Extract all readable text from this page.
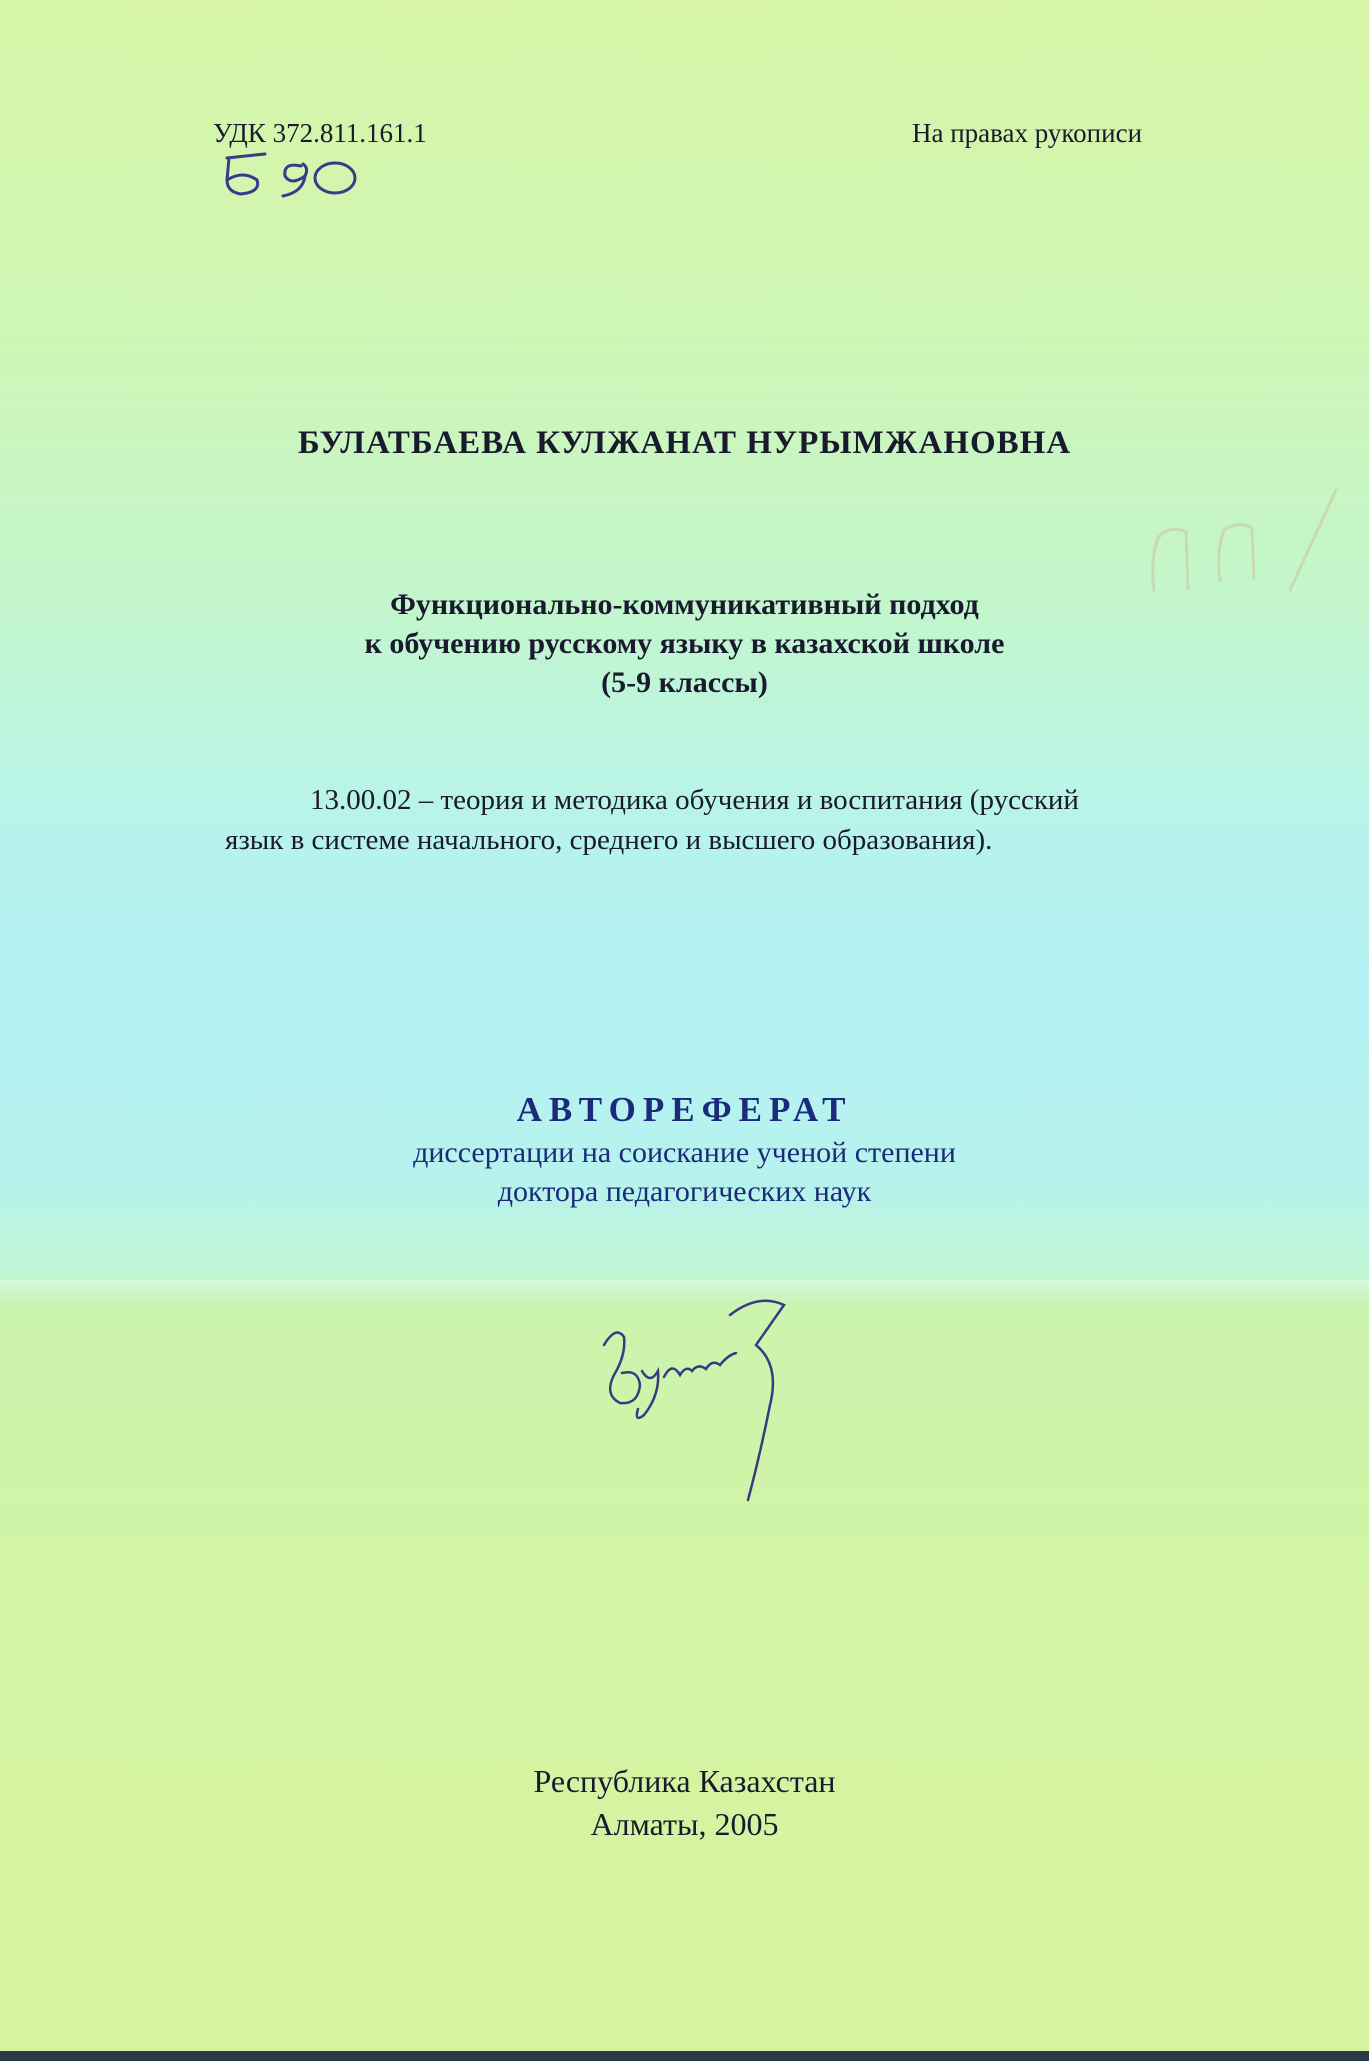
УДК 372.811.161.1	На правах рукописи
БУЛАТБАЕВА КУЛЖАНАТ НУРЫМЖАНОВНА
Функционально-коммуникативный подход
к обучению русскому языку в казахской школе
(5-9 классы)
13.00.02 – теория и методика обучения и воспитания (русский
язык в системе начального, среднего и высшего образования).
АВТОРЕФЕРАТ
диссертации на соискание ученой степени
доктора педагогических наук
Республика Казахстан
Алматы, 2005
